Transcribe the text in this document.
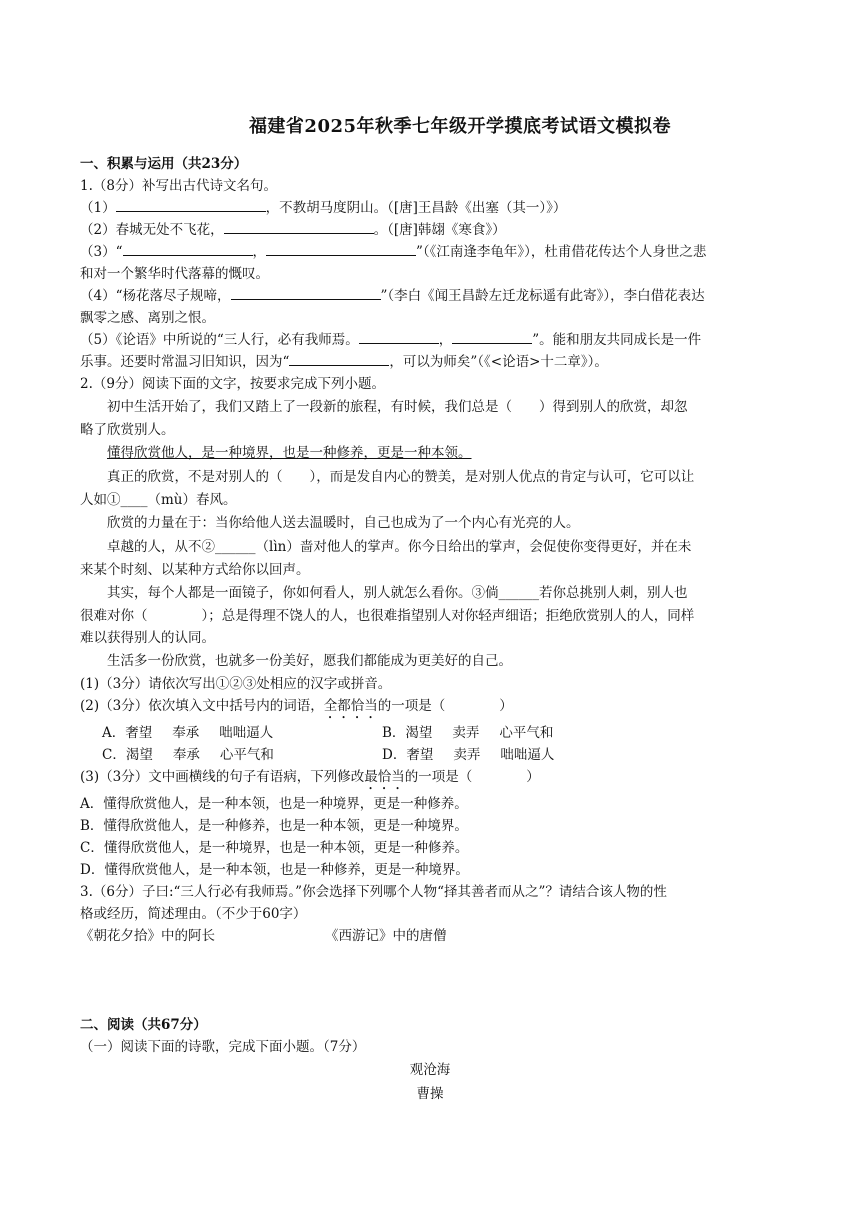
福建省2025年秋季七年级开学摸底考试语文模拟卷

一、积累与运用（共23分）

1.（8分）补写出古代诗文名句。

（1）	，不教胡马度阴山。（[唐]王昌龄《出塞（其一）》）

（2）春城无处不飞花，	。（[唐]韩翃《寒食》）

（3）“	，	”（《江南逢李龟年》），杜甫借花传达个人身世之悲

和对一个繁华时代落幕的慨叹。

（4）“杨花落尽子规啼，	”（李白《闻王昌龄左迁龙标遥有此寄》），李白借花表达

飘零之感、离别之恨。

（5）《论语》中所说的“三人行，必有我师焉。	，	”。能和朋友共同成长是一件

乐事。还要时常温习旧知识，因为“	，可以为师矣”（《<论语>十二章》）。

2.（9分）阅读下面的文字，按要求完成下列小题。

初中生活开始了，我们又踏上了一段新的旅程，有时候，我们总是（　　）得到别人的欣赏，却忽

略了欣赏别人。

懂得欣赏他人，是一种境界，也是一种修养，更是一种本领。

真正的欣赏，不是对别人的（　　），而是发自内心的赞美，是对别人优点的肯定与认可，它可以让

人如①____（mù）春风。

欣赏的力量在于：当你给他人送去温暖时，自己也成为了一个内心有光亮的人。

卓越的人，从不②______（lìn）啬对他人的掌声。你今日给出的掌声，会促使你变得更好，并在未

来某个时刻、以某种方式给你以回声。

其实，每个人都是一面镜子，你如何看人，别人就怎么看你。③倘______若你总挑别人刺，别人也

很难对你（　　　　）；总是得理不饶人的人，也很难指望别人对你轻声细语；拒绝欣赏别人的人，同样

难以获得别人的认同。

生活多一份欣赏，也就多一份美好，愿我们都能成为更美好的自己。

(1)（3分）请依次写出①②③处相应的汉字或拼音。

(2)（3分）依次填入文中括号内的词语，全都恰当的一项是（　　　　）

A．奢望 奉承 咄咄逼人	B．渴望 卖弄 心平气和
C．渴望 奉承 心平气和	D．奢望 卖弄 咄咄逼人

(3)（3分）文中画横线的句子有语病，下列修改最恰当的一项是（　　　　）

A．懂得欣赏他人，是一种本领，也是一种境界，更是一种修养。

B．懂得欣赏他人，是一种修养，也是一种本领，更是一种境界。

C．懂得欣赏他人，是一种境界，也是一种本领，更是一种修养。

D．懂得欣赏他人，是一种本领，也是一种修养，更是一种境界。

3.（6分）子曰:“三人行必有我师焉。”你会选择下列哪个人物“择其善者而从之”？请结合该人物的性

格或经历，简述理由。（不少于60字）

《朝花夕拾》中的阿长	《西游记》中的唐僧

二、阅读（共67分）

（一）阅读下面的诗歌，完成下面小题。（7分）

观沧海

曹操
